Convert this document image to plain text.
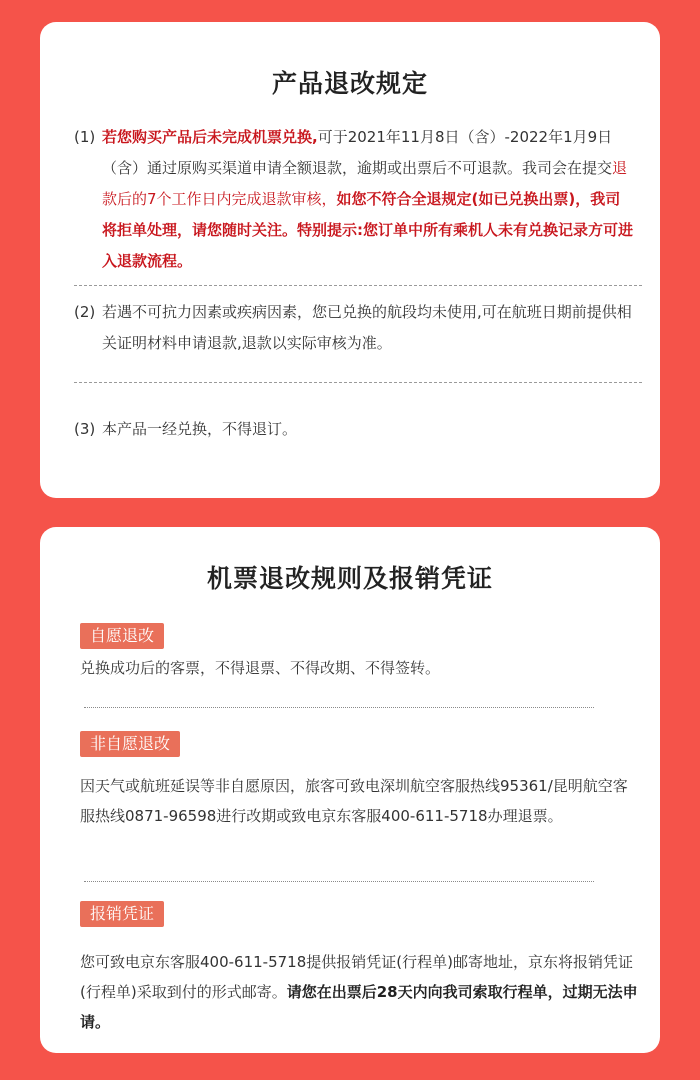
产品退改规定
(1) 若您购买产品后未完成机票兑换,可于2021年11月8日（含）-2022年1月9日（含）通过原购买渠道申请全额退款，逾期或出票后不可退款。我司会在提交退款后的7个工作日内完成退款审核，如您不符合全退规定(如已兑换出票)，我司将拒单处理，请您随时关注。特别提示:您订单中所有乘机人未有兑换记录方可进入退款流程。
(2) 若遇不可抗力因素或疾病因素，您已兑换的航段均未使用,可在航班日期前提供相关证明材料申请退款,退款以实际审核为准。
(3) 本产品一经兑换，不得退订。
机票退改规则及报销凭证
自愿退改
兑换成功后的客票，不得退票、不得改期、不得签转。
非自愿退改
因天气或航班延误等非自愿原因，旅客可致电深圳航空客服热线95361/昆明航空客服热线0871-96598进行改期或致电京东客服400-611-5718办理退票。
报销凭证
您可致电京东客服400-611-5718提供报销凭证(行程单)邮寄地址，京东将报销凭证(行程单)采取到付的形式邮寄。请您在出票后28天内向我司索取行程单，过期无法申请。
